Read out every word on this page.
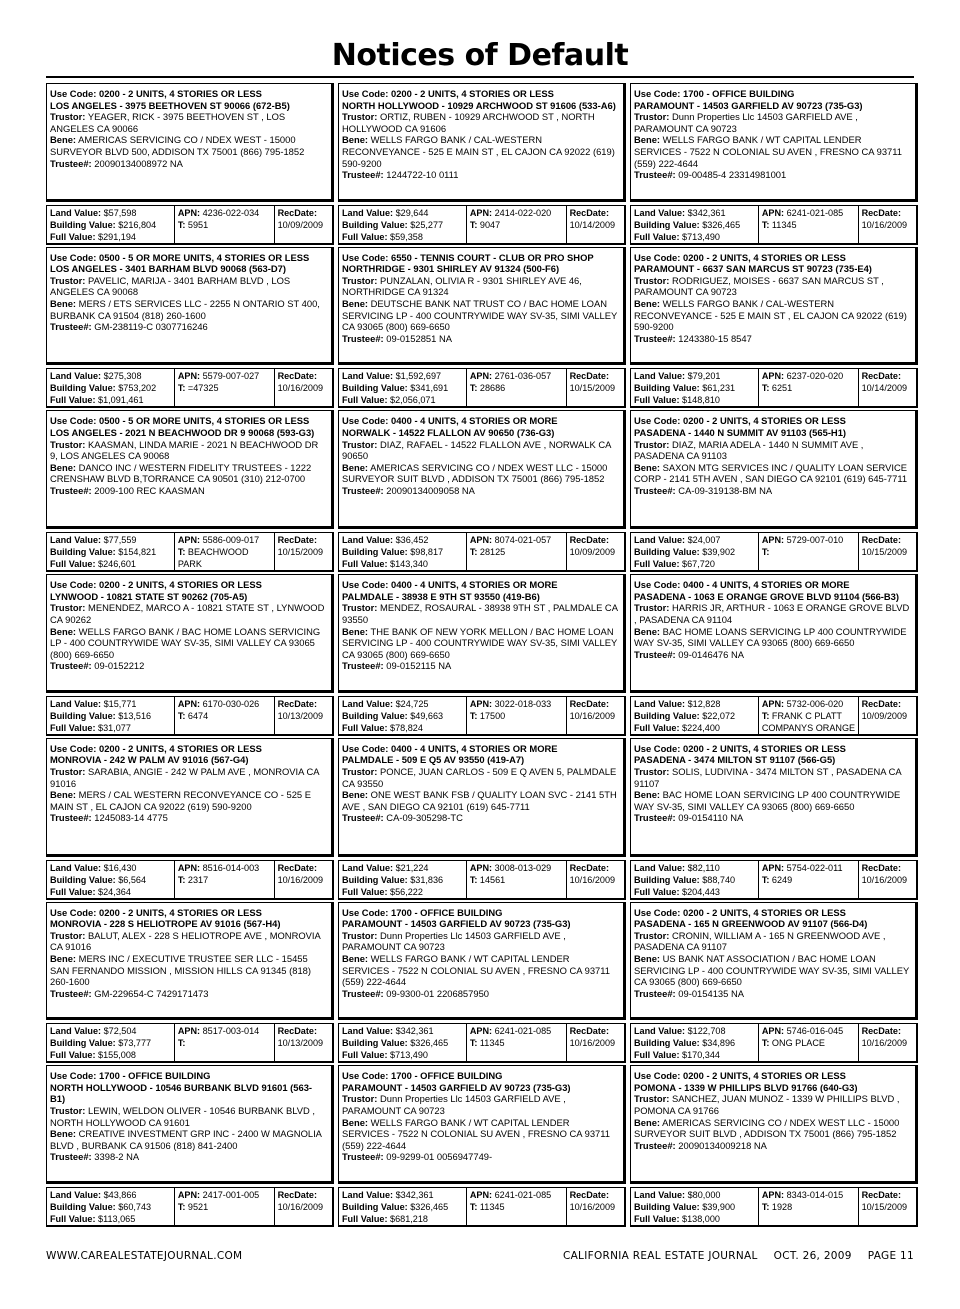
Notices of Default

Use Code: 0200 - 2 UNITS, 4 STORIES OR LESS

LOS ANGELES - 3975 BEETHOVEN ST 90066 (672-B5)

Trustor: YEAGER, RICK - 3975 BEETHOVEN ST , LOS ANGELES CA 90066

Bene: AMERICAS SERVICING CO / NDEX WEST - 15000 SURVEYOR BLVD 500, ADDISON TX 75001 (866) 795-1852

Trustee#: 20090134008972 NA

Land Value: $57,598
Building Value: $216,804
Full Value: $291,194
APN: 4236-022-034
T: 5951
RecDate:
10/09/2009

Use Code: 0200 - 2 UNITS, 4 STORIES OR LESS

NORTH HOLLYWOOD - 10929 ARCHWOOD ST 91606 (533-A6)

Trustor: ORTIZ, RUBEN - 10929 ARCHWOOD ST , NORTH HOLLYWOOD CA 91606

Bene: WELLS FARGO BANK / CAL-WESTERN RECONVEYANCE - 525 E MAIN ST , EL CAJON CA 92022 (619) 590-9200

Trustee#: 1244722-10 0111

Land Value: $29,644
Building Value: $25,277
Full Value: $59,358
APN: 2414-022-020
T: 9047
RecDate:
10/14/2009

Use Code: 1700 - OFFICE BUILDING

PARAMOUNT - 14503 GARFIELD AV 90723 (735-G3)

Trustor: Dunn Properties Llc 14503 GARFIELD AVE , PARAMOUNT CA 90723

Bene: WELLS FARGO BANK / WT CAPITAL LENDER SERVICES - 7522 N COLONIAL SU AVEN , FRESNO CA 93711 (559) 222-4644

Trustee#: 09-00485-4 23314981001

Land Value: $342,361
Building Value: $326,465
Full Value: $713,490
APN: 6241-021-085
T: 11345
RecDate:
10/16/2009

Use Code: 0500 - 5 OR MORE UNITS, 4 STORIES OR LESS

LOS ANGELES - 3401 BARHAM BLVD 90068 (563-D7)

Trustor: PAVELIC, MARIJA - 3401 BARHAM BLVD , LOS ANGELES CA 90068

Bene: MERS / ETS SERVICES LLC - 2255 N ONTARIO ST 400, BURBANK CA 91504 (818) 260-1600

Trustee#: GM-238119-C 0307716246

Land Value: $275,308
Building Value: $753,202
Full Value: $1,091,461
APN: 5579-007-027
T: =47325
RecDate:
10/16/2009

Use Code: 6550 - TENNIS COURT - CLUB OR PRO SHOP

NORTHRIDGE - 9301 SHIRLEY AV 91324 (500-F6)

Trustor: PUNZALAN, OLIVIA R - 9301 SHIRLEY AVE 46, NORTHRIDGE CA 91324

Bene: DEUTSCHE BANK NAT TRUST CO / BAC HOME LOAN SERVICING LP - 400 COUNTRYWIDE WAY SV-35, SIMI VALLEY CA 93065 (800) 669-6650

Trustee#: 09-0152851 NA

Land Value: $1,592,697
Building Value: $341,691
Full Value: $2,056,071
APN: 2761-036-057
T: 28686
RecDate:
10/15/2009

Use Code: 0200 - 2 UNITS, 4 STORIES OR LESS

PARAMOUNT - 6637 SAN MARCUS ST 90723 (735-E4)

Trustor: RODRIGUEZ, MOISES - 6637 SAN MARCUS ST , PARAMOUNT CA 90723

Bene: WELLS FARGO BANK / CAL-WESTERN RECONVEYANCE - 525 E MAIN ST , EL CAJON CA 92022 (619) 590-9200

Trustee#: 1243380-15 8547

Land Value: $79,201
Building Value: $61,231
Full Value: $148,810
APN: 6237-020-020
T: 6251
RecDate:
10/14/2009

Use Code: 0500 - 5 OR MORE UNITS, 4 STORIES OR LESS

LOS ANGELES - 2021 N BEACHWOOD DR 9 90068 (593-G3)

Trustor: KAASMAN, LINDA MARIE - 2021 N BEACHWOOD DR 9, LOS ANGELES CA 90068

Bene: DANCO INC / WESTERN FIDELITY TRUSTEES - 1222 CRENSHAW BLVD B,TORRANCE CA 90501 (310) 212-0700

Trustee#: 2009-100 REC KAASMAN

Land Value: $77,559
Building Value: $154,821
Full Value: $246,601
APN: 5586-009-017
T: BEACHWOOD PARK
RecDate:
10/15/2009

Use Code: 0400 - 4 UNITS, 4 STORIES OR MORE

NORWALK - 14522 FLALLON AV 90650 (736-G3)

Trustor: DIAZ, RAFAEL - 14522 FLALLON AVE , NORWALK CA 90650

Bene: AMERICAS SERVICING CO / NDEX WEST LLC - 15000 SURVEYOR SUIT BLVD , ADDISON TX 75001 (866) 795-1852

Trustee#: 20090134009058 NA

Land Value: $36,452
Building Value: $98,817
Full Value: $143,340
APN: 8074-021-057
T: 28125
RecDate:
10/09/2009

Use Code: 0200 - 2 UNITS, 4 STORIES OR LESS

PASADENA - 1440 N SUMMIT AV 91103 (565-H1)

Trustor: DIAZ, MARIA ADELA - 1440 N SUMMIT AVE , PASADENA CA 91103

Bene: SAXON MTG SERVICES INC / QUALITY LOAN SERVICE CORP - 2141 5TH AVEN , SAN DIEGO CA 92101 (619) 645-7711

Trustee#: CA-09-319138-BM NA

Land Value: $24,007
Building Value: $39,902
Full Value: $67,720
APN: 5729-007-010
T:
RecDate:
10/15/2009

Use Code: 0200 - 2 UNITS, 4 STORIES OR LESS

LYNWOOD - 10821 STATE ST 90262 (705-A5)

Trustor: MENENDEZ, MARCO A - 10821 STATE ST , LYNWOOD CA 90262

Bene: WELLS FARGO BANK / BAC HOME LOANS SERVICING LP - 400 COUNTRYWIDE WAY SV-35, SIMI VALLEY CA 93065 (800) 669-6650

Trustee#: 09-0152212

Land Value: $15,771
Building Value: $13,516
Full Value: $31,077
APN: 6170-030-026
T: 6474
RecDate:
10/13/2009

Use Code: 0400 - 4 UNITS, 4 STORIES OR MORE

PALMDALE - 38938 E 9TH ST 93550 (419-B6)

Trustor: MENDEZ, ROSAURAL - 38938 9TH ST , PALMDALE CA 93550

Bene: THE BANK OF NEW YORK MELLON / BAC HOME LOAN SERVICING LP - 400 COUNTRYWIDE WAY SV-35, SIMI VALLEY CA 93065 (800) 669-6650

Trustee#: 09-0152115 NA

Land Value: $24,725
Building Value: $49,663
Full Value: $78,824
APN: 3022-018-033
T: 17500
RecDate:
10/16/2009

Use Code: 0400 - 4 UNITS, 4 STORIES OR MORE

PASADENA - 1063 E ORANGE GROVE BLVD 91104 (566-B3)

Trustor: HARRIS JR, ARTHUR - 1063 E ORANGE GROVE BLVD , PASADENA CA 91104

Bene: BAC HOME LOANS SERVICING LP 400 COUNTRYWIDE WAY SV-35, SIMI VALLEY CA 93065 (800) 669-6650

Trustee#: 09-0146476 NA

Land Value: $12,828
Building Value: $22,072
Full Value: $224,400
APN: 5732-006-020
T: FRANK C PLATT COMPANYS ORANGE
RecDate:
10/09/2009

Use Code: 0200 - 2 UNITS, 4 STORIES OR LESS

MONROVIA - 242 W PALM AV 91016 (567-G4)

Trustor: SARABIA, ANGIE - 242 W PALM AVE , MONROVIA CA 91016

Bene: MERS / CAL WESTERN RECONVEYANCE CO - 525 E MAIN ST , EL CAJON CA 92022 (619) 590-9200

Trustee#: 1245083-14 4775

Land Value: $16,430
Building Value: $6,564
Full Value: $24,364
APN: 8516-014-003
T: 2317
RecDate:
10/16/2009

Use Code: 0400 - 4 UNITS, 4 STORIES OR MORE

PALMDALE - 509 E Q5 AV 93550 (419-A7)

Trustor: PONCE, JUAN CARLOS - 509 E Q AVEN 5, PALMDALE CA 93550

Bene: ONE WEST BANK FSB / QUALITY LOAN SVC - 2141 5TH AVE , SAN DIEGO CA 92101 (619) 645-7711

Trustee#: CA-09-305298-TC

Land Value: $21,224
Building Value: $31,836
Full Value: $56,222
APN: 3008-013-029
T: 14561
RecDate:
10/16/2009

Use Code: 0200 - 2 UNITS, 4 STORIES OR LESS

PASADENA - 3474 MILTON ST 91107 (566-G5)

Trustor: SOLIS, LUDIVINA - 3474 MILTON ST , PASADENA CA 91107

Bene: BAC HOME LOAN SERVICING LP 400 COUNTRYWIDE WAY SV-35, SIMI VALLEY CA 93065 (800) 669-6650

Trustee#: 09-0154110 NA

Land Value: $82,110
Building Value: $88,740
Full Value: $204,443
APN: 5754-022-011
T: 6249
RecDate:
10/16/2009

Use Code: 0200 - 2 UNITS, 4 STORIES OR LESS

MONROVIA - 228 S HELIOTROPE AV 91016 (567-H4)

Trustor: BALUT, ALEX - 228 S HELIOTROPE AVE , MONROVIA CA 91016

Bene: MERS INC / EXECUTIVE TRUSTEE SER LLC - 15455 SAN FERNANDO MISSION , MISSION HILLS CA 91345 (818) 260-1600

Trustee#: GM-229654-C 7429171473

Land Value: $72,504
Building Value: $73,777
Full Value: $155,008
APN: 8517-003-014
T:
RecDate:
10/13/2009

Use Code: 1700 - OFFICE BUILDING

PARAMOUNT - 14503 GARFIELD AV 90723 (735-G3)

Trustor: Dunn Properties Llc 14503 GARFIELD AVE , PARAMOUNT CA 90723

Bene: WELLS FARGO BANK / WT CAPITAL LENDER SERVICES - 7522 N COLONIAL SU AVEN , FRESNO CA 93711 (559) 222-4644

Trustee#: 09-9300-01 2206857950

Land Value: $342,361
Building Value: $326,465
Full Value: $713,490
APN: 6241-021-085
T: 11345
RecDate:
10/16/2009

Use Code: 0200 - 2 UNITS, 4 STORIES OR LESS

PASADENA - 165 N GREENWOOD AV 91107 (566-D4)

Trustor: CRONIN, WILLIAM A - 165 N GREENWOOD AVE , PASADENA CA 91107

Bene: US BANK NAT ASSOCIATION / BAC HOME LOAN SERVICING LP - 400 COUNTRYWIDE WAY SV-35, SIMI VALLEY CA 93065 (800) 669-6650

Trustee#: 09-0154135 NA

Land Value: $122,708
Building Value: $34,896
Full Value: $170,344
APN: 5746-016-045
T: ONG PLACE
RecDate:
10/16/2009

Use Code: 1700 - OFFICE BUILDING

NORTH HOLLYWOOD - 10546 BURBANK BLVD 91601 (563-B1)

Trustor: LEWIN, WELDON OLIVER - 10546 BURBANK BLVD , NORTH HOLLYWOOD CA 91601

Bene: CREATIVE INVESTMENT GRP INC - 2400 W MAGNOLIA BLVD , BURBANK CA 91506 (818) 841-2400

Trustee#: 3398-2 NA

Land Value: $43,866
Building Value: $60,743
Full Value: $113,065
APN: 2417-001-005
T: 9521
RecDate:
10/16/2009

Use Code: 1700 - OFFICE BUILDING

PARAMOUNT - 14503 GARFIELD AV 90723 (735-G3)

Trustor: Dunn Properties Llc 14503 GARFIELD AVE , PARAMOUNT CA 90723

Bene: WELLS FARGO BANK / WT CAPITAL LENDER SERVICES - 7522 N COLONIAL SU AVEN , FRESNO CA 93711 (559) 222-4644

Trustee#: 09-9299-01 0056947749-

Land Value: $342,361
Building Value: $326,465
Full Value: $681,218
APN: 6241-021-085
T: 11345
RecDate:
10/16/2009

Use Code: 0200 - 2 UNITS, 4 STORIES OR LESS

POMONA - 1339 W PHILLIPS BLVD 91766 (640-G3)

Trustor: SANCHEZ, JUAN MUNOZ - 1339 W PHILLIPS BLVD , POMONA CA 91766

Bene: AMERICAS SERVICING CO / NDEX WEST LLC - 15000 SURVEYOR SUIT BLVD , ADDISON TX 75001 (866) 795-1852

Trustee#: 20090134009218 NA

Land Value: $80,000
Building Value: $39,900
Full Value: $138,000
APN: 8343-014-015
T: 1928
RecDate:
10/15/2009
WWW.CAREALESTATEJOURNAL.COM	CALIFORNIA REAL ESTATE JOURNAL OCT. 26, 2009 PAGE 11
